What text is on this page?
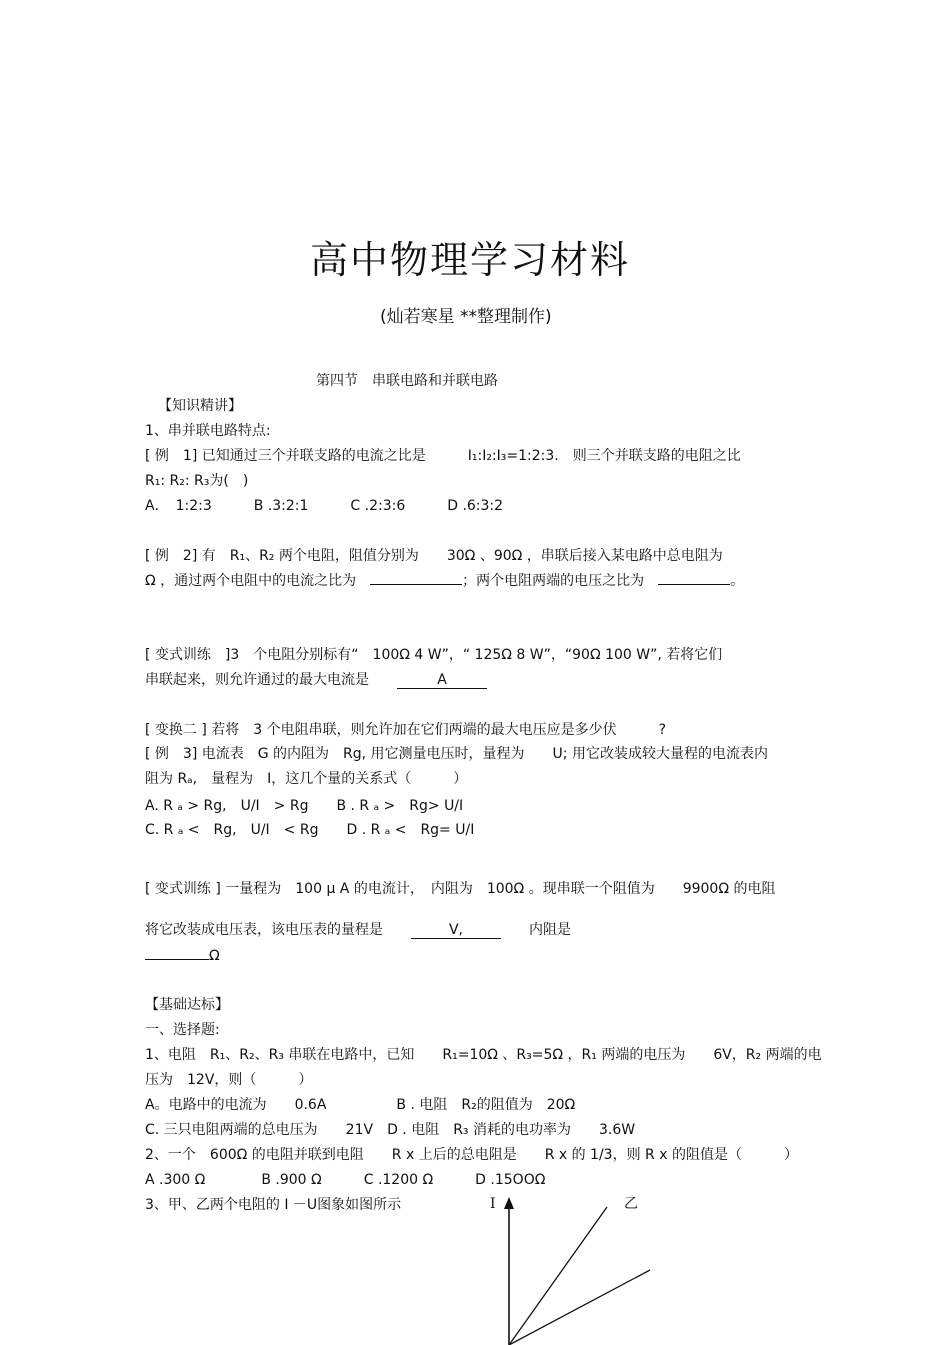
高中物理学习材料
(灿若寒星 **整理制作)
第四节　串联电路和并联电路
【知识精讲】
1、串并联电路特点:
[ 例　1] 已知通过三个并联支路的电流之比是　　　I₁:I₂:I₃=1:2:3.　则三个并联支路的电阻之比
R₁: R₂: R₃为(　)
A．　1:2:3　　　B .3:2:1　　　C .2:3:6　　　D .6:3:2
[ 例　2] 有　R₁、R₂ 两个电阻，阻值分别为　　30Ω 、90Ω ，串联后接入某电路中总电阻为
Ω ，通过两个电阻中的电流之比为　	；两个电阻两端的电压之比为　	。
[ 变式训练　]3　个电阻分别标有“　100Ω 4 W”，“ 125Ω 8 W”，“90Ω 100 W”, 若将它们
串联起来，则允许通过的最大电流是　　	A
[ 变换二 ] 若将　3 个电阻串联，则允许加在它们两端的最大电压应是多少伏　　　?
[ 例　3] 电流表　G 的内阻为　Rg, 用它测量电压时，量程为　　U; 用它改装成较大量程的电流表内
阻为 Rₐ,　量程为　I，这几个量的关系式（　　　）
A. R ₐ > Rg,　U/I　> Rg　　B . R ₐ >　Rg> U/I
C. R ₐ <　Rg,　U/I　< Rg　　D . R ₐ <　Rg= U/I
[ 变式训练 ] 一量程为　100 μ A 的电流计，　内阻为　100Ω 。现串联一个阻值为　　9900Ω 的电阻
将它改装成电压表，该电压表的量程是　　	V,	　　内阻是
Ω
【基础达标】
一、选择题:
1、电阻　R₁、R₂、R₃ 串联在电路中，已知　　R₁=10Ω 、R₃=5Ω ，R₁ 两端的电压为　　6V，R₂ 两端的电
压为　12V，则（　　　）
A。电路中的电流为　　0.6A　　　　　B . 电阻　R₂的阻值为　20Ω
C. 三只电阻两端的总电压为　　21V　D . 电阻　R₃ 消耗的电功率为　　3.6W
2、一个　600Ω 的电阻并联到电阻　　R x 上后的总电阻是　　R x 的 1/3，则 R x 的阻值是（　　　）
A .300 Ω　　　　B .900 Ω　　　C .1200 Ω　　　D .15OOΩ
3、甲、乙两个电阻的 I －U图象如图所示	I	乙
